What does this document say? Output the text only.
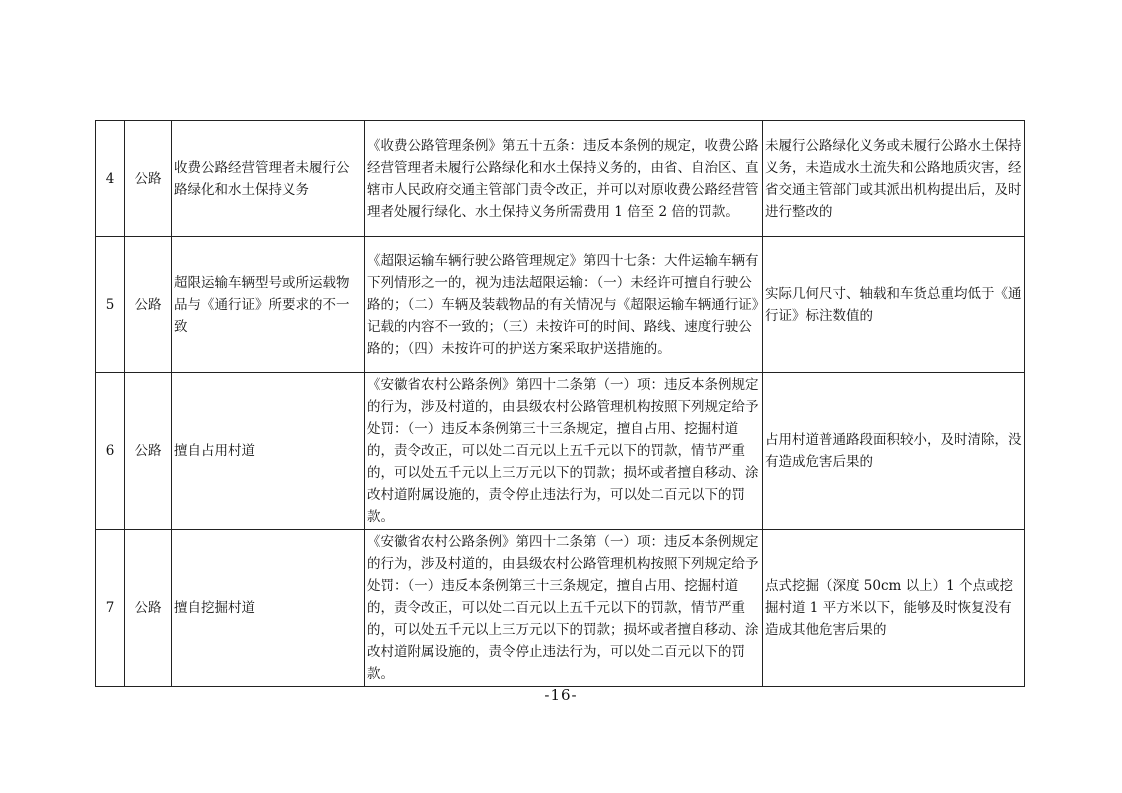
4	公路	收费公路经营管理者未履行公路绿化和水土保持义务	《收费公路管理条例》第五十五条：违反本条例的规定，收费公路经营管理者未履行公路绿化和水土保持义务的，由省、自治区、直辖市人民政府交通主管部门责令改正，并可以对原收费公路经营管理者处履行绿化、水土保持义务所需费用 1 倍至 2 倍的罚款。	未履行公路绿化义务或未履行公路水土保持义务，未造成水土流失和公路地质灾害，经省交通主管部门或其派出机构提出后，及时进行整改的
5	公路	超限运输车辆型号或所运载物品与《通行证》所要求的不一致	《超限运输车辆行驶公路管理规定》第四十七条：大件运输车辆有下列情形之一的，视为违法超限运输：（一）未经许可擅自行驶公路的；（二）车辆及装载物品的有关情况与《超限运输车辆通行证》记载的内容不一致的；（三）未按许可的时间、路线、速度行驶公路的；（四）未按许可的护送方案采取护送措施的。	实际几何尺寸、轴载和车货总重均低于《通行证》标注数值的
6	公路	擅自占用村道	《安徽省农村公路条例》第四十二条第（一）项：违反本条例规定的行为，涉及村道的，由县级农村公路管理机构按照下列规定给予处罚：（一）违反本条例第三十三条规定，擅自占用、挖掘村道的，责令改正，可以处二百元以上五千元以下的罚款，情节严重的，可以处五千元以上三万元以下的罚款；损坏或者擅自移动、涂改村道附属设施的，责令停止违法行为，可以处二百元以下的罚款。	占用村道普通路段面积较小，及时清除，没有造成危害后果的
7	公路	擅自挖掘村道	《安徽省农村公路条例》第四十二条第（一）项：违反本条例规定的行为，涉及村道的，由县级农村公路管理机构按照下列规定给予处罚：（一）违反本条例第三十三条规定，擅自占用、挖掘村道的，责令改正，可以处二百元以上五千元以下的罚款，情节严重的，可以处五千元以上三万元以下的罚款；损坏或者擅自移动、涂改村道附属设施的，责令停止违法行为，可以处二百元以下的罚款。	点式挖掘（深度 50cm 以上）1 个点或挖掘村道 1 平方米以下，能够及时恢复没有造成其他危害后果的
-16-
